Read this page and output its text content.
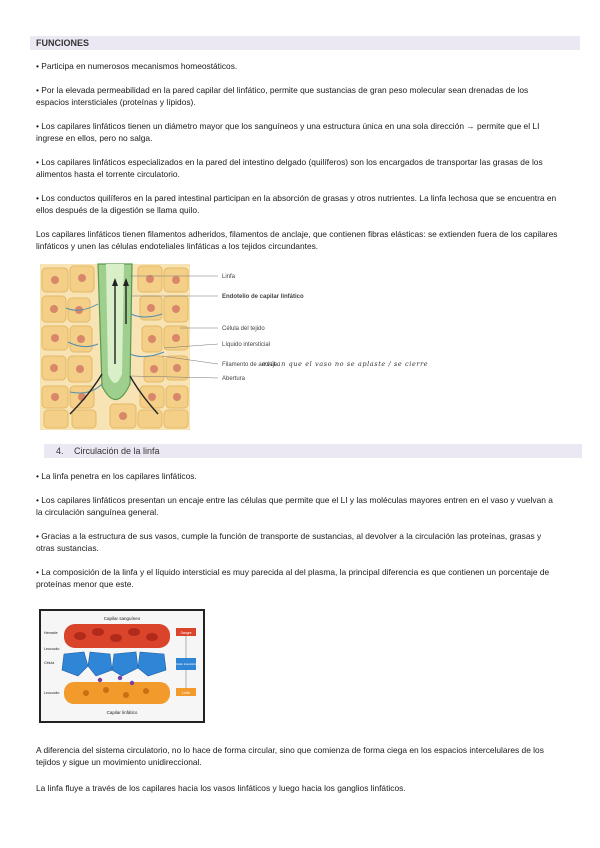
FUNCIONES

• Participa en numerosos mecanismos homeostáticos.

• Por la elevada permeabilidad en la pared capilar del linfático, permite que sustancias de gran peso molecular sean drenadas de los espacios intersticiales (proteínas y lípidos).

• Los capilares linfáticos tienen un diámetro mayor que los sanguíneos y una estructura única en una sola dirección → permite que el LI ingrese en ellos, pero no salga.

• Los capilares linfáticos especializados en la pared del intestino delgado (quilíferos) son los encargados de transportar las grasas de los alimentos hasta el torrente circulatorio.

• Los conductos quilíferos en la pared intestinal participan en la absorción de grasas y otros nutrientes. La linfa lechosa que se encuentra en ellos después de la digestión se llama quilo.

Los capilares linfáticos tienen filamentos adheridos, filamentos de anclaje, que contienen fibras elásticas: se extienden fuera de los capilares linfáticos y unen las células endoteliales linfáticas a los tejidos circundantes.

Linfa
Endotelio de capilar linfático
Célula del tejido
Líquido intersticial
Filamento de anclaje
Abertura
evitan que el vaso no se aplaste / se cierre
4. Circulación de la linfa

• La linfa penetra en los capilares linfáticos.

• Los capilares linfáticos presentan un encaje entre las células que permite que el LI y las moléculas mayores entren en el vaso y vuelvan a la circulación sanguínea general.

• Gracias a la estructura de sus vasos, cumple la función de transporte de sustancias, al devolver a la circulación las proteínas, grasas y otras sustancias.

• La composición de la linfa y el líquido intersticial es muy parecida al del plasma, la principal diferencia es que contienen un porcentaje de proteínas menor que este.

Capilar sanguíneo
Capilar linfático
Hematíe
Leucocito
Célula
Leucocito
Sangre
Fluido intersticial
Linfa

A diferencia del sistema circulatorio, no lo hace de forma circular, sino que comienza de forma ciega en los espacios intercelulares de los tejidos y sigue un movimiento unidireccional.

La linfa fluye a través de los capilares hacia los vasos linfáticos y luego hacia los ganglios linfáticos.
